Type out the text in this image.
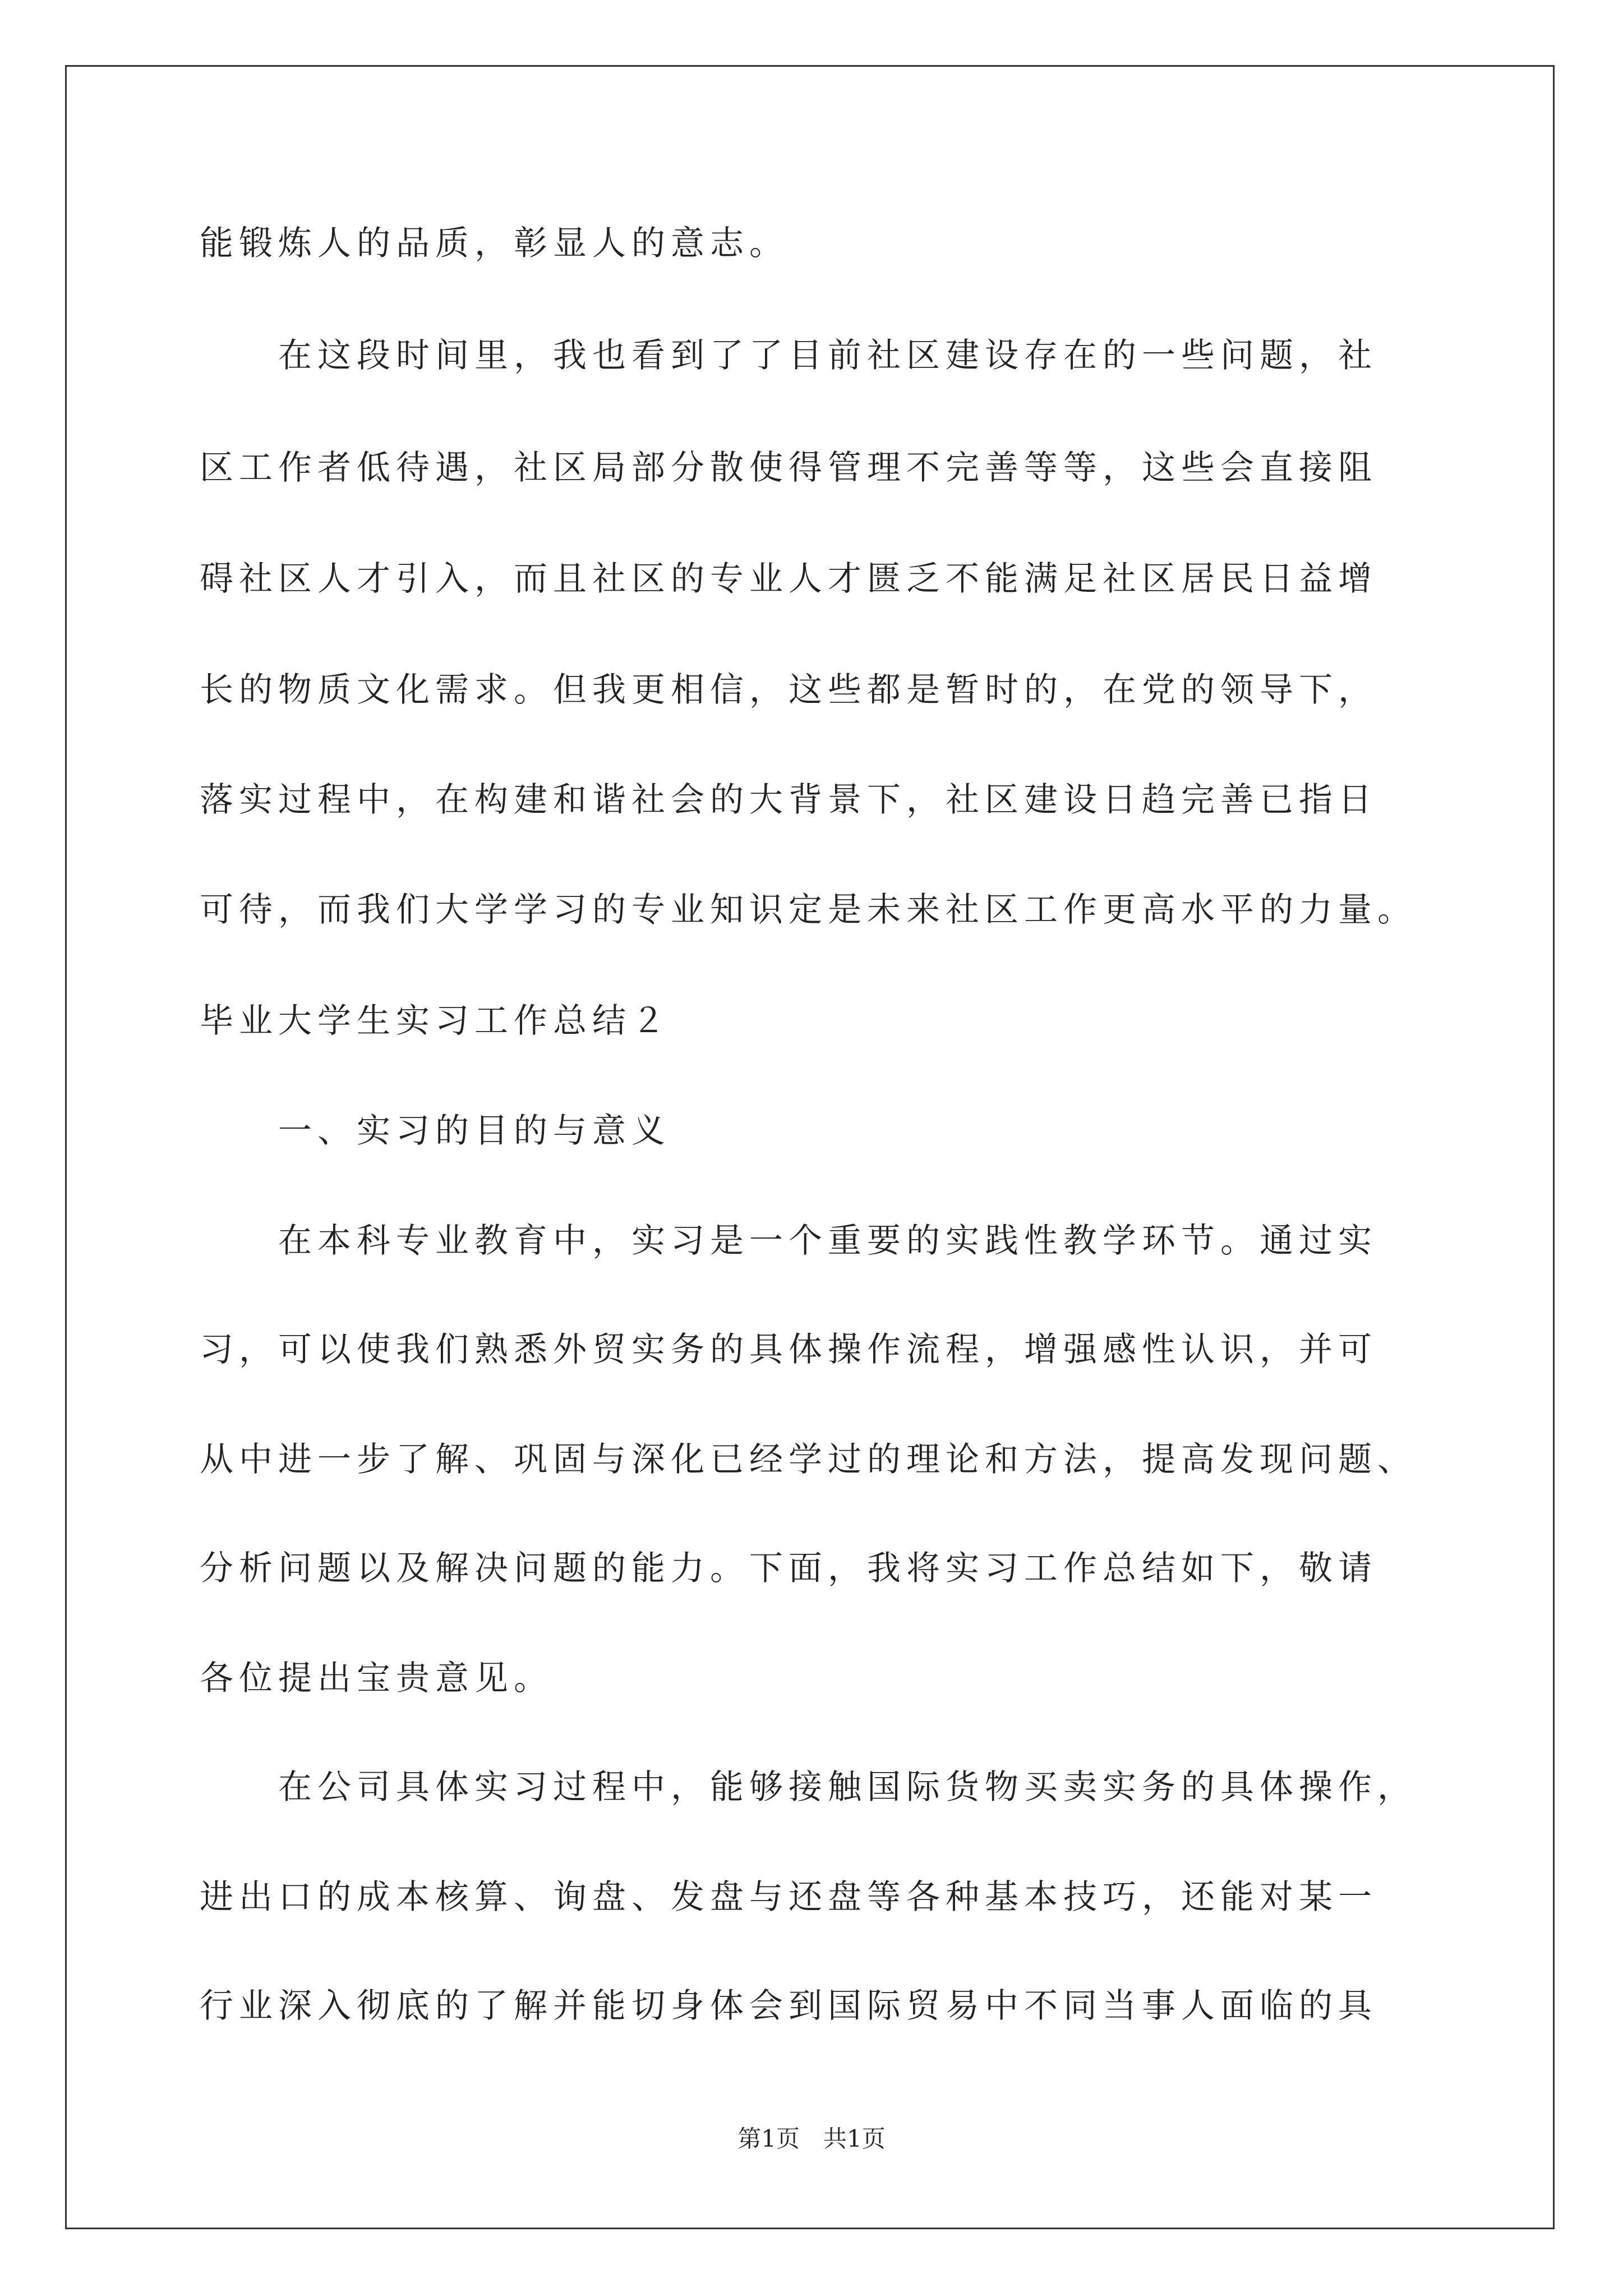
能锻炼人的品质，彰显人的意志。
　　在这段时间里，我也看到了了目前社区建设存在的一些问题，社
区工作者低待遇，社区局部分散使得管理不完善等等，这些会直接阻
碍社区人才引入，而且社区的专业人才匮乏不能满足社区居民日益增
长的物质文化需求。但我更相信，这些都是暂时的，在党的领导下，
落实过程中，在构建和谐社会的大背景下，社区建设日趋完善已指日
可待，而我们大学学习的专业知识定是未来社区工作更高水平的力量。
毕业大学生实习工作总结２
　　一、实习的目的与意义
　　在本科专业教育中，实习是一个重要的实践性教学环节。通过实
习，可以使我们熟悉外贸实务的具体操作流程，增强感性认识，并可
从中进一步了解、巩固与深化已经学过的理论和方法，提高发现问题、
分析问题以及解决问题的能力。下面，我将实习工作总结如下，敬请
各位提出宝贵意见。
　　在公司具体实习过程中，能够接触国际货物买卖实务的具体操作，
进出口的成本核算、询盘、发盘与还盘等各种基本技巧，还能对某一
行业深入彻底的了解并能切身体会到国际贸易中不同当事人面临的具
第1页　共1页
